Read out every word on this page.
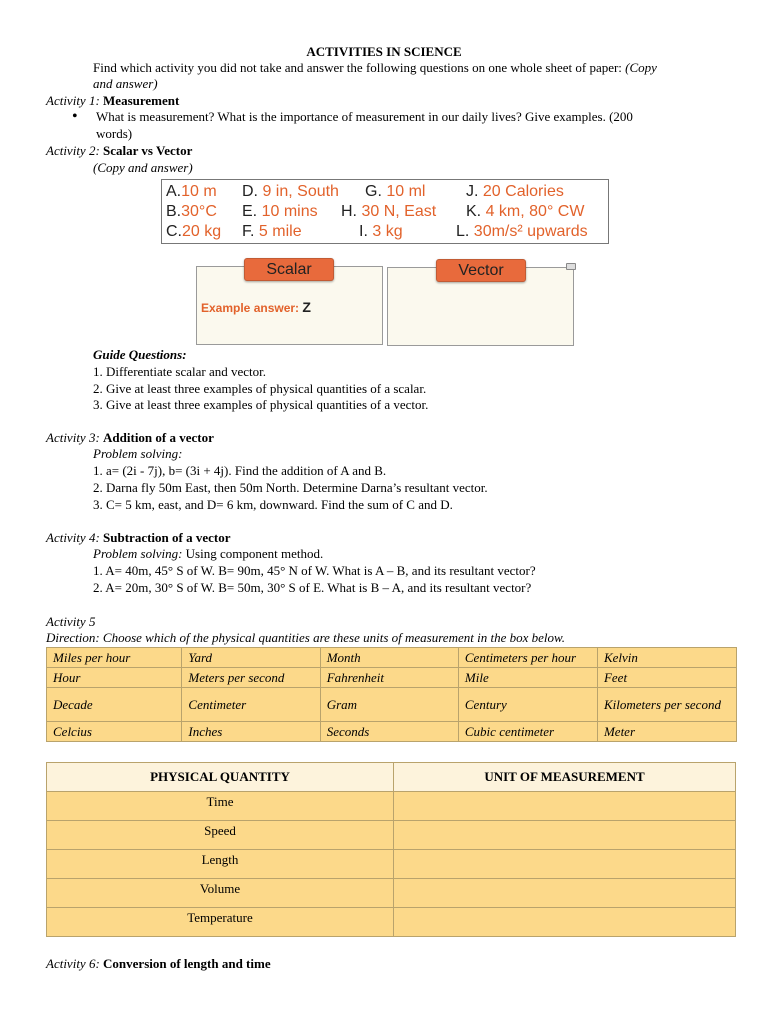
ACTIVITIES IN SCIENCE
Find which activity you did not take and answer the following questions on one whole sheet of paper: (Copy
and answer)
Activity 1: Measurement
• What is measurement? What is the importance of measurement in our daily lives? Give examples. (200
words)
Activity 2: Scalar vs Vector
(Copy and answer)
A.10 m D. 9 in, South G. 10 ml	J. 20 Calories
B.30°C E. 10 mins H. 30 N, East K. 4 km, 80° CW
C.20 kg F. 5 mile	I. 3 kg	L. 30m/s² upwards
Scalar
Example answer: Z
Vector
Guide Questions:
1. Differentiate scalar and vector.
2. Give at least three examples of physical quantities of a scalar.
3. Give at least three examples of physical quantities of a vector.
Activity 3: Addition of a vector
Problem solving:
1. a= (2i - 7j), b= (3i + 4j). Find the addition of A and B.
2. Darna fly 50m East, then 50m North. Determine Darna’s resultant vector.
3. C= 5 km, east, and D= 6 km, downward. Find the sum of C and D.
Activity 4: Subtraction of a vector
Problem solving: Using component method.
1. A= 40m, 45° S of W. B= 90m, 45° N of W. What is A – B, and its resultant vector?
2. A= 20m, 30° S of W. B= 50m, 30° S of E. What is B – A, and its resultant vector?
Activity 5
Direction: Choose which of the physical quantities are these units of measurement in the box below.
Miles per hour	Yard	Month	Centimeters per hour	Kelvin
Hour	Meters per second	Fahrenheit	Mile	Feet
Decade	Centimeter	Gram	Century	Kilometers per second
Celcius	Inches	Seconds	Cubic centimeter	Meter
PHYSICAL QUANTITY	UNIT OF MEASUREMENT
Time	
Speed	
Length	
Volume	
Temperature	
Activity 6: Conversion of length and time
